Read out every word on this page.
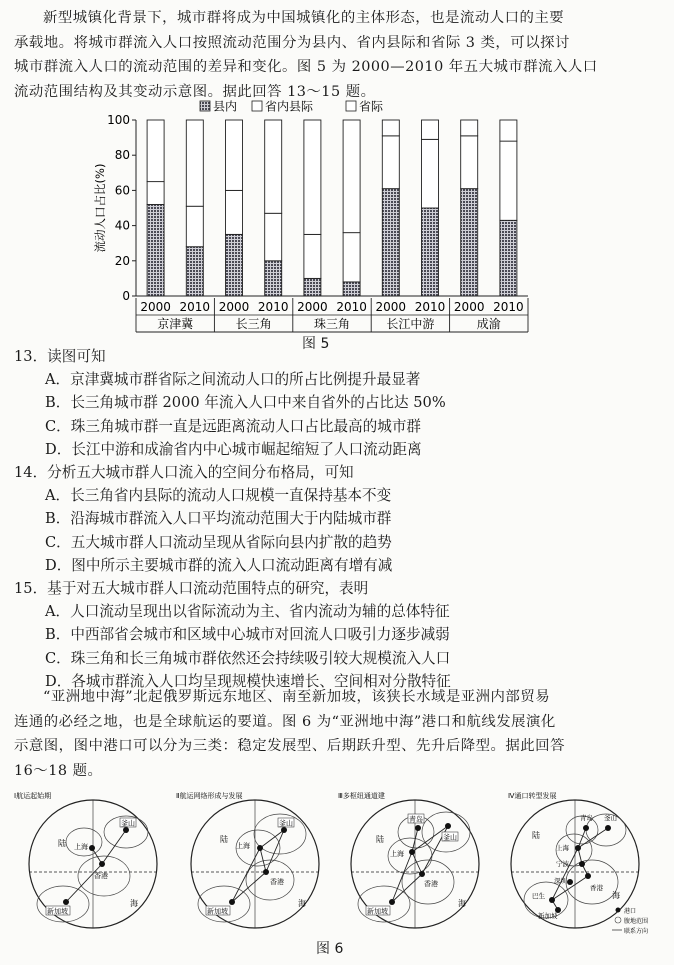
新型城镇化背景下，城市群将成为中国城镇化的主体形态，也是流动人口的主要
承载地。将城市群流入人口按照流动范围分为县内、省内县际和省际 3 类，可以探讨
城市群流入人口的流动范围的差异和变化。图 5 为 2000—2010 年五大城市群流入人口
流动范围结构及其变动示意图。据此回答 13～15 题。
县内 省内县际	省际
0
20
40
60
80
100
流动人口占比(%)
2000 2010 2000 2010 2000 2010 2000 2010 2000 2010
京津冀	长三角	珠三角	长江中游	成渝
图 5
13．读图可知
A．京津冀城市群省际之间流动人口的所占比例提升最显著
B．长三角城市群 2000 年流入人口中来自省外的占比达 50%
C．珠三角城市群一直是远距离流动人口占比最高的城市群
D．长江中游和成渝省内中心城市崛起缩短了人口流动距离
14．分析五大城市群人口流入的空间分布格局，可知
A．长三角省内县际的流动人口规模一直保持基本不变
B．沿海城市群流入人口平均流动范围大于内陆城市群
C．五大城市群人口流动呈现从省际向县内扩散的趋势
D．图中所示主要城市群的流入人口流动距离有增有减
15．基于对五大城市群人口流动范围特点的研究，表明
A．人口流动呈现出以省际流动为主、省内流动为辅的总体特征
B．中西部省会城市和区域中心城市对回流人口吸引力逐步减弱
C．珠三角和长三角城市群依然还会持续吸引较大规模流入人口
D．各城市群流入人口均呈现规模快速增长、空间相对分散特征
“亚洲地中海”北起俄罗斯远东地区、南至新加坡，该狭长水域是亚洲内部贸易
连通的必经之地，也是全球航运的要道。图 6 为“亚洲地中海”港口和航线发展演化
示意图，图中港口可以分为三类：稳定发展型、后期跃升型、先升后降型。据此回答
16～18 题。
Ⅰ航运起始期
釜山
上海
香港
新加坡
陆
海
Ⅱ航运网络形成与发展
釜山
上海
香港
新加坡
陆
海
Ⅲ多枢纽通道建
釜山
青岛
上海
香港
新加坡
陆
海
Ⅳ通口转型发展
青岛 釜山
上海
宁波
深圳
香港
巴生
新加坡
陆
海
港口
腹地范围
联系方向
图 6
